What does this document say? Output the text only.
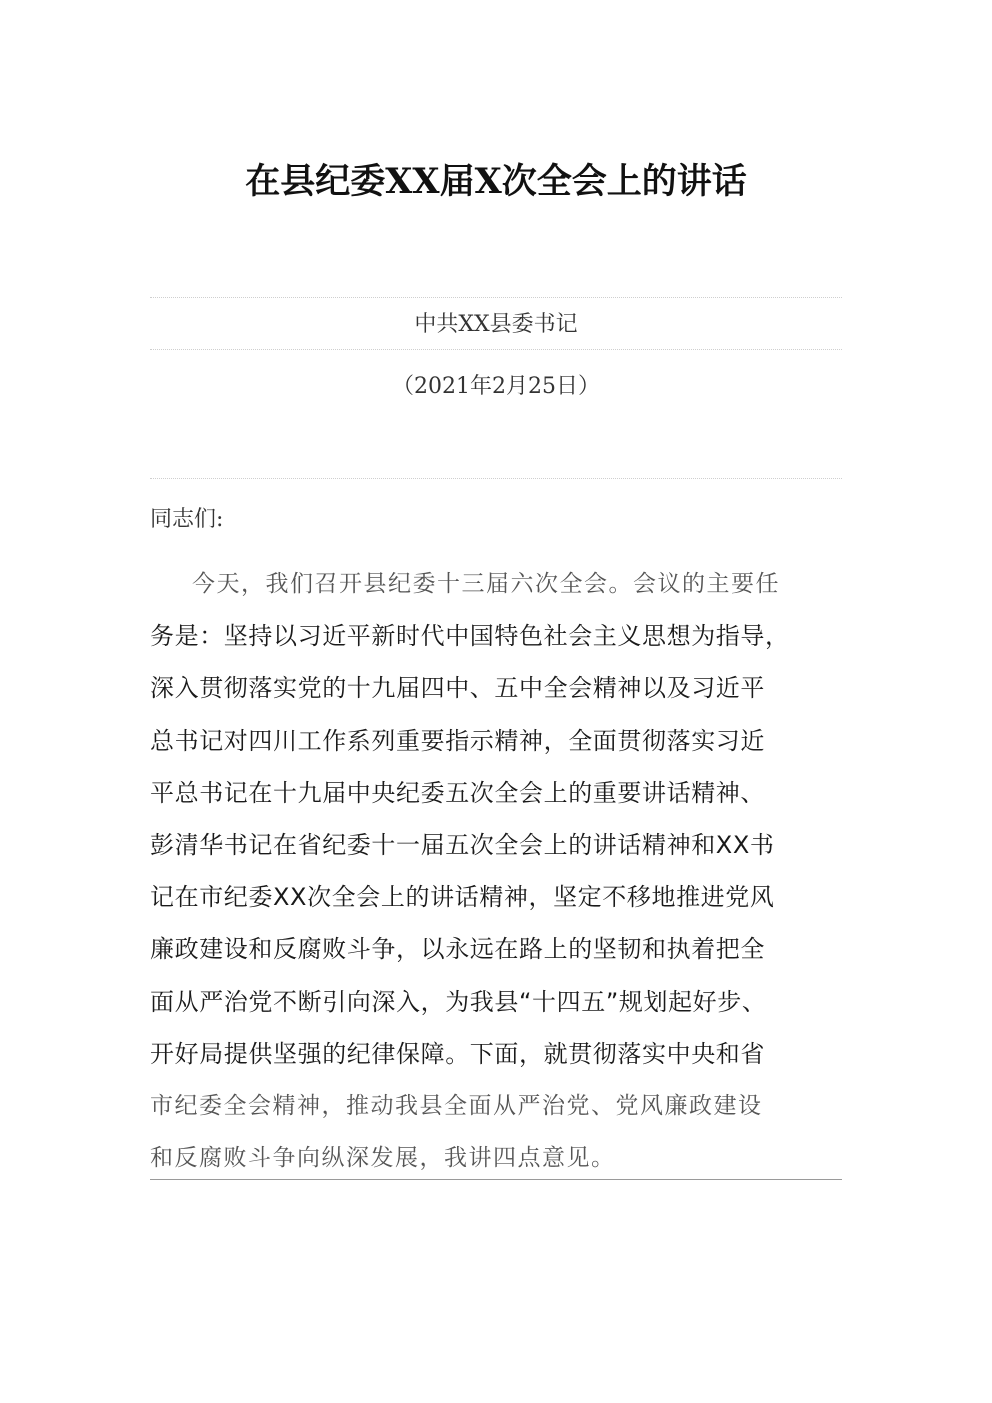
在县纪委XX届X次全会上的讲话
中共XX县委书记
（2021年2月25日）
同志们:
今天，我们召开县纪委十三届六次全会。会议的主要任
务是：坚持以习近平新时代中国特色社会主义思想为指导，
深入贯彻落实党的十九届四中、五中全会精神以及习近平
总书记对四川工作系列重要指示精神，全面贯彻落实习近
平总书记在十九届中央纪委五次全会上的重要讲话精神、
彭清华书记在省纪委十一届五次全会上的讲话精神和XX书
记在市纪委XX次全会上的讲话精神，坚定不移地推进党风
廉政建设和反腐败斗争，以永远在路上的坚韧和执着把全
面从严治党不断引向深入，为我县“十四五”规划起好步、
开好局提供坚强的纪律保障。下面，就贯彻落实中央和省
市纪委全会精神，推动我县全面从严治党、党风廉政建设
和反腐败斗争向纵深发展，我讲四点意见。
